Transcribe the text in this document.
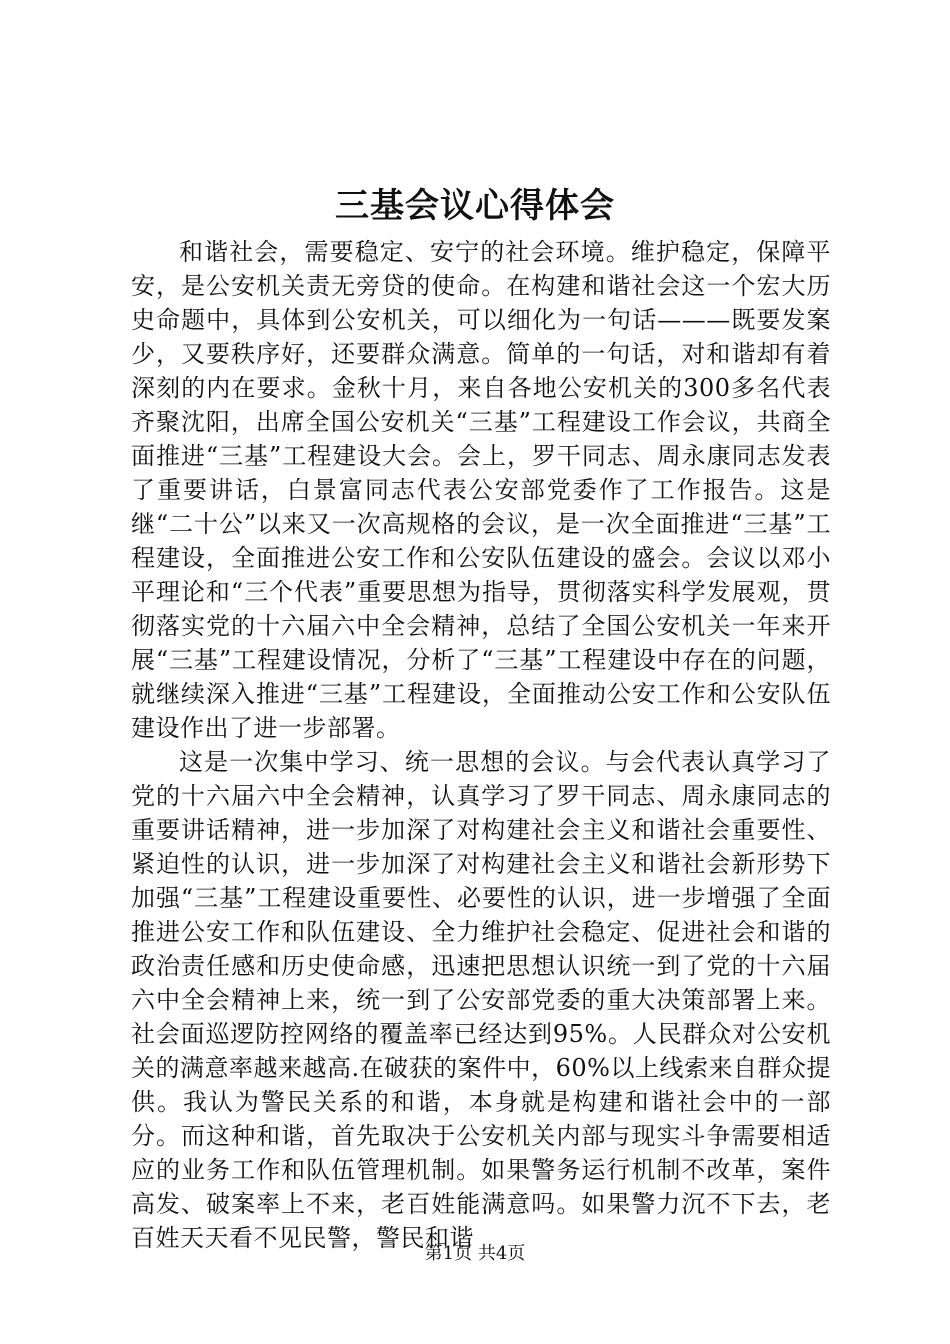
三基会议心得体会

和谐社会，需要稳定、安宁的社会环境。维护稳定，保障平安，是公安机关责无旁贷的使命。在构建和谐社会这一个宏大历史命题中，具体到公安机关，可以细化为一句话———既要发案少，又要秩序好，还要群众满意。简单的一句话，对和谐却有着深刻的内在要求。金秋十月，来自各地公安机关的300多名代表齐聚沈阳，出席全国公安机关“三基”工程建设工作会议，共商全面推进“三基”工程建设大会。会上，罗干同志、周永康同志发表了重要讲话，白景富同志代表公安部党委作了工作报告。这是继“二十公”以来又一次高规格的会议，是一次全面推进“三基”工程建设，全面推进公安工作和公安队伍建设的盛会。会议以邓小平理论和“三个代表”重要思想为指导，贯彻落实科学发展观，贯彻落实党的十六届六中全会精神，总结了全国公安机关一年来开展“三基”工程建设情况，分析了“三基”工程建设中存在的问题，就继续深入推进“三基”工程建设，全面推动公安工作和公安队伍建设作出了进一步部署。

这是一次集中学习、统一思想的会议。与会代表认真学习了党的十六届六中全会精神，认真学习了罗干同志、周永康同志的重要讲话精神，进一步加深了对构建社会主义和谐社会重要性、紧迫性的认识，进一步加深了对构建社会主义和谐社会新形势下加强“三基”工程建设重要性、必要性的认识，进一步增强了全面推进公安工作和队伍建设、全力维护社会稳定、促进社会和谐的政治责任感和历史使命感，迅速把思想认识统一到了党的十六届六中全会精神上来，统一到了公安部党委的重大决策部署上来。社会面巡逻防控网络的覆盖率已经达到95%。人民群众对公安机关的满意率越来越高.在破获的案件中，60%以上线索来自群众提供。我认为警民关系的和谐，本身就是构建和谐社会中的一部分。而这种和谐，首先取决于公安机关内部与现实斗争需要相适应的业务工作和队伍管理机制。如果警务运行机制不改革，案件高发、破案率上不来，老百姓能满意吗。如果警力沉不下去，老百姓天天看不见民警，警民和谐

第1页 共4页
